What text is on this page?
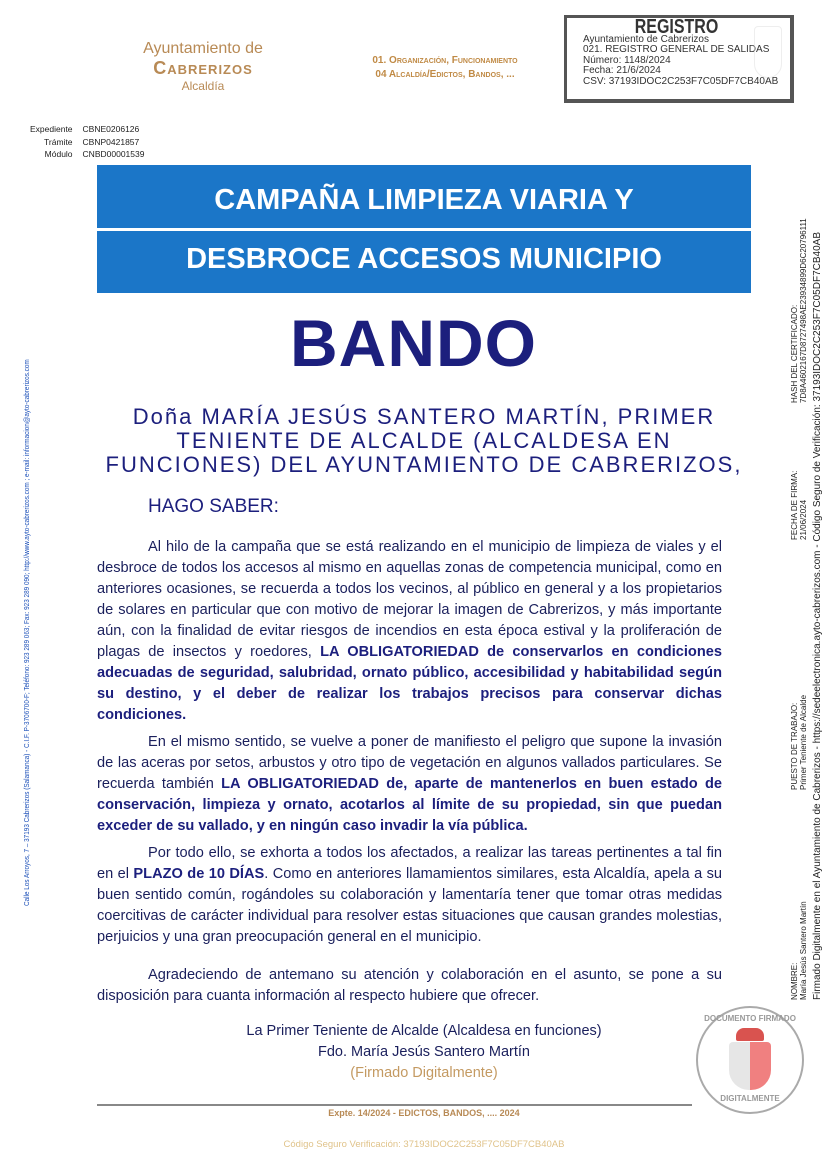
Ayuntamiento de
Cabrerizos
Alcaldía
01. Organización, Funcionamiento
04 Alcaldía/Edictos, Bandos, ...
REGISTRO
Ayuntamiento de Cabrerizos
021. REGISTRO GENERAL DE SALIDAS
Número: 1148/2024
Fecha: 21/6/2024
CSV: 37193IDOC2C253F7C05DF7CB40AB
Expediente	CBNE0206126
Trámite	CBNP0421857
Módulo	CNBD00001539
CAMPAÑA LIMPIEZA VIARIA Y
DESBROCE ACCESOS MUNICIPIO
BANDO
Doña MARÍA JESÚS SANTERO MARTÍN, PRIMER TENIENTE DE ALCALDE (ALCALDESA EN FUNCIONES) DEL AYUNTAMIENTO DE CABRERIZOS,
HAGO SABER:

Al hilo de la campaña que se está realizando en el municipio de limpieza de viales y el desbroce de todos los accesos al mismo en aquellas zonas de competencia municipal, como en anteriores ocasiones, se recuerda a todos los vecinos, al público en general y a los propietarios de solares en particular que con motivo de mejorar la imagen de Cabrerizos, y más importante aún, con la finalidad de evitar riesgos de incendios en esta época estival y la proliferación de plagas de insectos y roedores, LA OBLIGATORIEDAD de conservarlos en condiciones adecuadas de seguridad, salubridad, ornato público, accesibilidad y habitabilidad según su destino, y el deber de realizar los trabajos precisos para conservar dichas condiciones.

En el mismo sentido, se vuelve a poner de manifiesto el peligro que supone la invasión de las aceras por setos, arbustos y otro tipo de vegetación en algunos vallados particulares. Se recuerda también LA OBLIGATORIEDAD de, aparte de mantenerlos en buen estado de conservación, limpieza y ornato, acotarlos al límite de su propiedad, sin que puedan exceder de su vallado, y en ningún caso invadir la vía pública.

Por todo ello, se exhorta a todos los afectados, a realizar las tareas pertinentes a tal fin en el PLAZO de 10 DÍAS. Como en anteriores llamamientos similares, esta Alcaldía, apela a su buen sentido común, rogándoles su colaboración y lamentaría tener que tomar otras medidas coercitivas de carácter individual para resolver estas situaciones que causan grandes molestias, perjuicios y una gran preocupación general en el municipio.

Agradeciendo de antemano su atención y colaboración en el asunto, se pone a su disposición para cuanta información al respecto hubiere que ofrecer.

La Primer Teniente de Alcalde (Alcaldesa en funciones)
Fdo. María Jesús Santero Martín
(Firmado Digitalmente)
DOCUMENTO FIRMADO
DIGITALMENTE
Expte. 14/2024 - EDICTOS, BANDOS, .... 2024
Código Seguro Verificación: 37193IDOC2C253F7C05DF7CB40AB
Calle Los Arroyos, 7 – 37193 Cabrerizos (Salamanca) - C.I.F. P-3706700-F; Teléfono: 923 289 063; Fax: 923 289 090; http://www.ayto-cabrerizos.com ; e-mail: informacion@ayto-cabrerizos.com	Firmado Digitalmente en el Ayuntamiento de Cabrerizos - https://sedeelectronica.ayto-cabrerizos.com - Código Seguro de Verificación: 37193IDOC2C253F7C05DF7CB40AB
NOMBRE: María Jesús Santero Martín
PUESTO DE TRABAJO: Primer Teniente de Alcalde
FECHA DE FIRMA: 21/06/2024
HASH DEL CERTIFICADO: 7D8A4602167D8727498AE23934899D6C20796111
